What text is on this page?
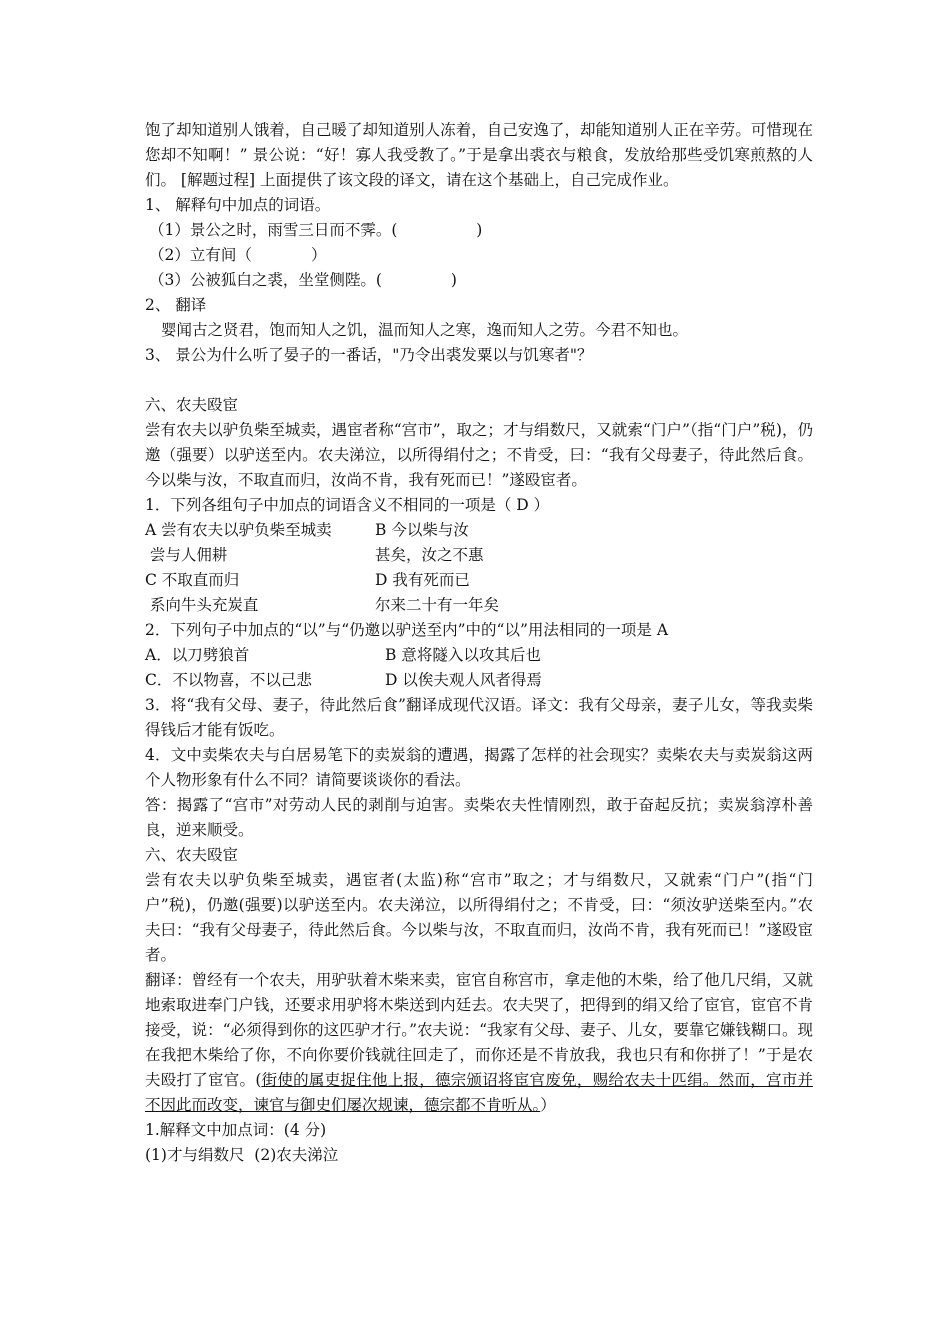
饱了却知道别人饿着，自己暖了却知道别人冻着，自己安逸了，却能知道别人正在辛劳。可惜现在您却不知啊！” 景公说：“好！寡人我受教了。”于是拿出裘衣与粮食，发放给那些受饥寒煎熬的人们。 [解题过程] 上面提供了该文段的译文，请在这个基础上，自己完成作业。

1、 解释句中加点的词语。

（1）景公之时，雨雪三日而不霁。(                )

（2）立有间（            ）

（3）公被狐白之裘，坐堂侧陛。(              )

2、 翻译

婴闻古之贤君，饱而知人之饥，温而知人之寒，逸而知人之劳。今君不知也。

3、 景公为什么听了晏子的一番话，"乃令出裘发粟以与饥寒者"？

六、农夫殴宦

尝有农夫以驴负柴至城卖，遇宦者称“宫市”，取之；才与绢数尺，又就索“门户”（指“门户”税)，仍邀（强要）以驴送至内。农夫涕泣，以所得绢付之；不肯受，曰：“我有父母妻子，待此然后食。今以柴与汝，不取直而归，汝尚不肯，我有死而已！”遂殴宦者。

1．下列各组句子中加点的词语含义不相同的一项是（ D ）

A 尝有农夫以驴负柴至城卖	B 今以柴与汝
尝与人佣耕	甚矣，汝之不惠
C 不取直而归	D 我有死而已
系向牛头充炭直	尔来二十有一年矣

2．下列句子中加点的“以”与“仍邀以驴送至内”中的“以”用法相同的一项是 A

A．以刀劈狼首	B 意将隧入以攻其后也
C．不以物喜，不以己悲	D 以俟夫观人风者得焉

3．将“我有父母、妻子，待此然后食”翻译成现代汉语。译文：我有父母亲，妻子儿女，等我卖柴得钱后才能有饭吃。

4．文中卖柴农夫与白居易笔下的卖炭翁的遭遇，揭露了怎样的社会现实？卖柴农夫与卖炭翁这两个人物形象有什么不同？请简要谈谈你的看法。

答：揭露了“宫市”对劳动人民的剥削与迫害。卖柴农夫性情刚烈，敢于奋起反抗；卖炭翁淳朴善良，逆来顺受。

六、农夫殴宦

尝有农夫以驴负柴至城卖，遇宦者(太监)称“宫市”取之；才与绢数尺，又就索“门户”(指“门户”税)，仍邀(强要)以驴送至内。农夫涕泣，以所得绢付之；不肯受，曰：“须汝驴送柴至内。”农夫曰：“我有父母妻子，待此然后食。今以柴与汝，不取直而归，汝尚不肯，我有死而已！”遂殴宦者。

翻译：曾经有一个农夫，用驴驮着木柴来卖，宦官自称宫市，拿走他的木柴，给了他几尺绢，又就地索取进奉门户钱，还要求用驴将木柴送到内廷去。农夫哭了，把得到的绢又给了宦官，宦官不肯接受，说：“必须得到你的这匹驴才行。”农夫说：“我家有父母、妻子、儿女，要靠它嫌钱糊口。现在我把木柴给了你，不向你要价钱就往回走了，而你还是不肯放我，我也只有和你拼了！”于是农夫殴打了宦官。(街使的属吏捉住他上报，德宗颁诏将宦官废免，赐给农夫十匹绢。然而，宫市并不因此而改变，谏官与御史们屡次规谏，德宗都不肯听从。）

1.解释文中加点词：(4 分)

(1)才与绢数尺  (2)农夫涕泣
